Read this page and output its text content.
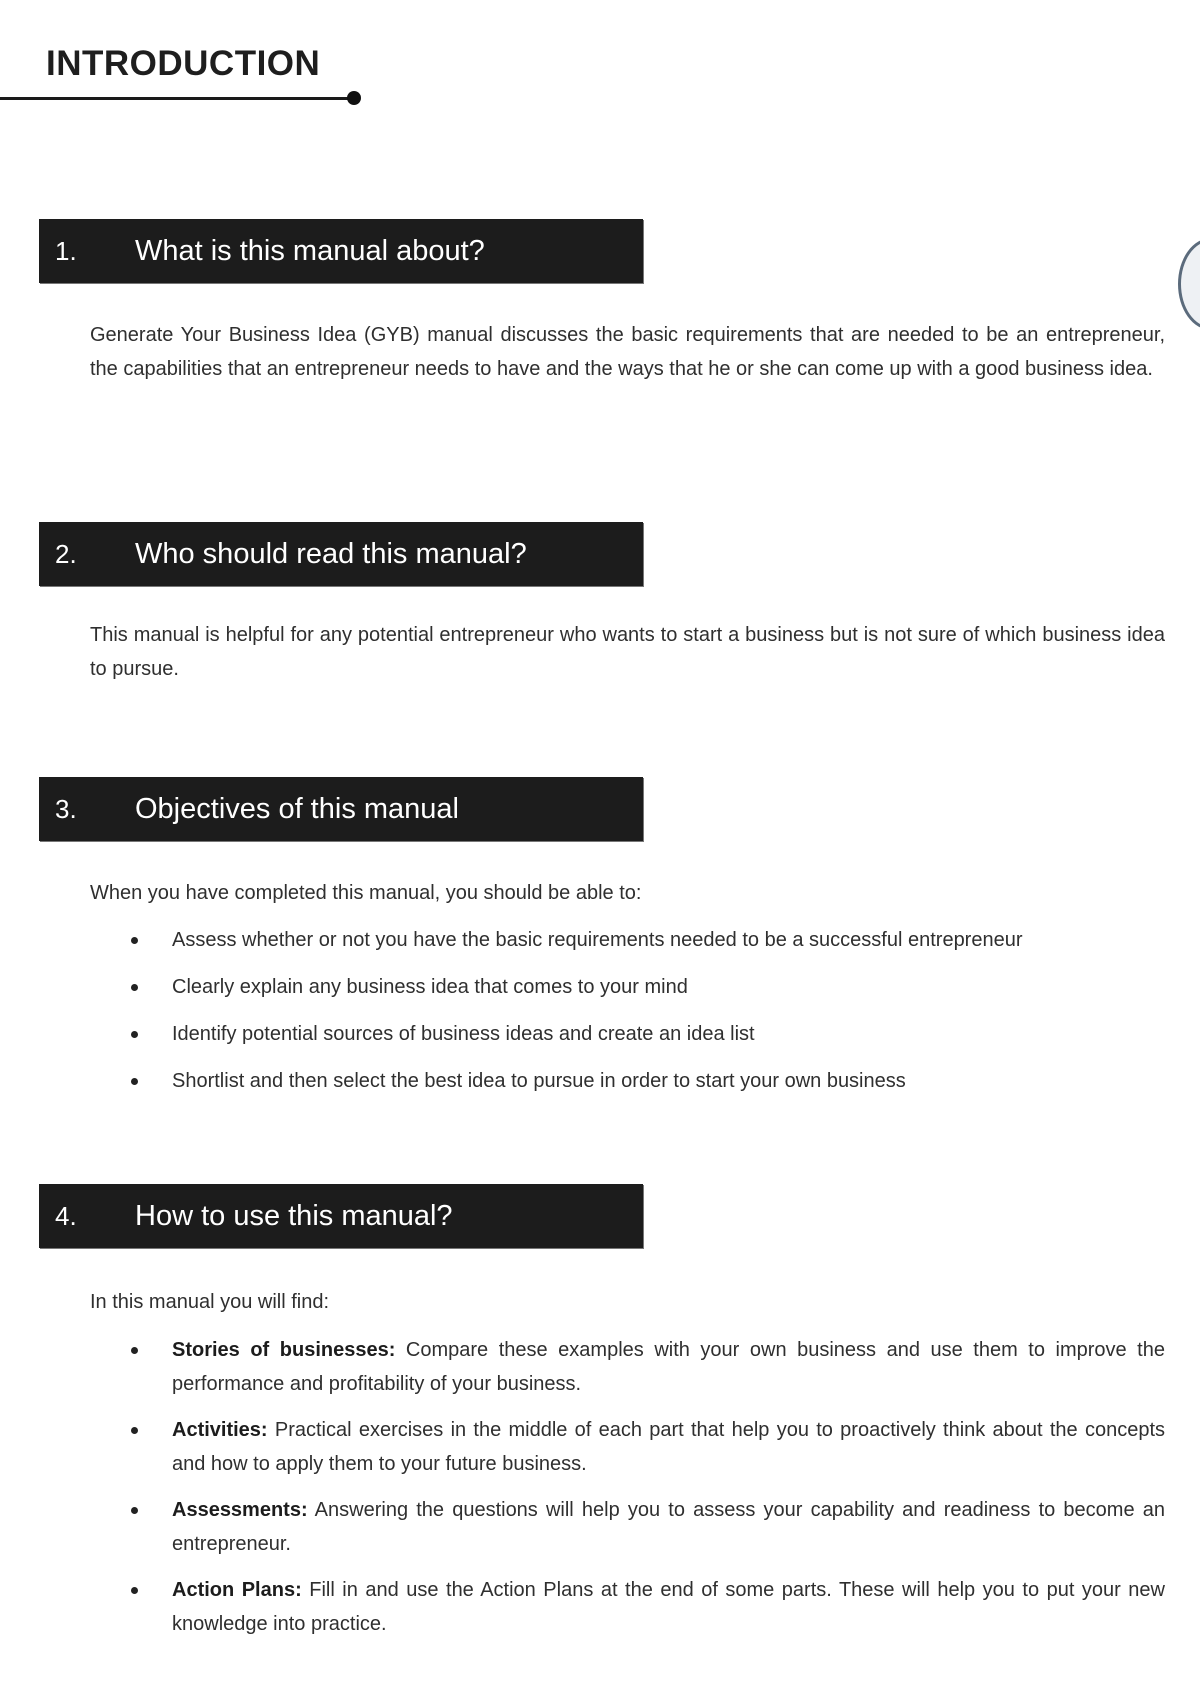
INTRODUCTION
1. What is this manual about?

Generate Your Business Idea (GYB) manual discusses the basic requirements that are needed to be an entrepreneur, the capabilities that an entrepreneur needs to have and the ways that he or she can come up with a good business idea.

2. Who should read this manual?

This manual is helpful for any potential entrepreneur who wants to start a business but is not sure of which business idea to pursue.

3. Objectives of this manual

When you have completed this manual, you should be able to:

Assess whether or not you have the basic requirements needed to be a successful entrepreneur
Clearly explain any business idea that comes to your mind
Identify potential sources of business ideas and create an idea list
Shortlist and then select the best idea to pursue in order to start your own business
4. How to use this manual?

In this manual you will find:

Stories of businesses: Compare these examples with your own business and use them to improve the performance and profitability of your business.
Activities: Practical exercises in the middle of each part that help you to proactively think about the concepts and how to apply them to your future business.
Assessments: Answering the questions will help you to assess your capability and readiness to become an entrepreneur.
Action Plans: Fill in and use the Action Plans at the end of some parts. These will help you to put your new knowledge into practice.
